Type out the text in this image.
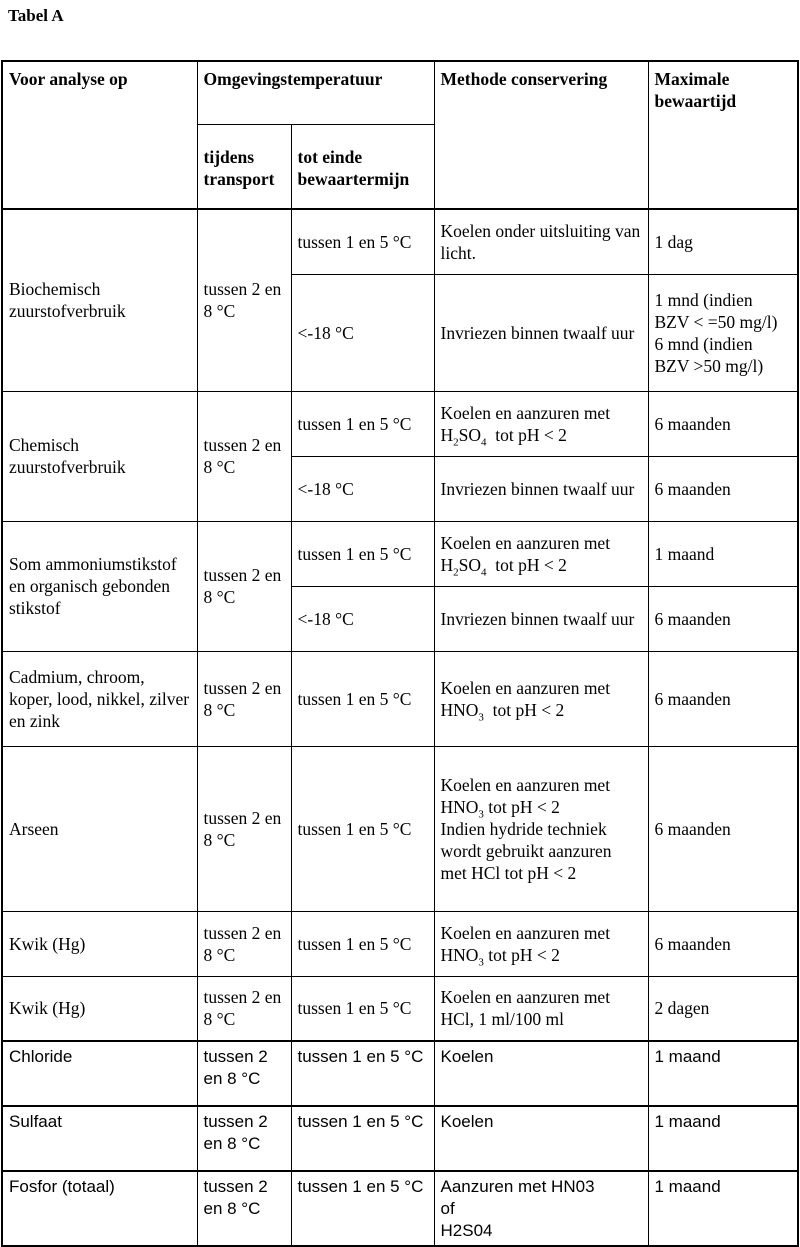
Tabel A
Voor analyse op	Omgevingstemperatuur		Methode conservering	Maximale bewaartijd
	tijdens transport	tot einde bewaartermijn		
Biochemisch zuurstofverbruik	tussen 2 en 8 °C	tussen 1 en 5 °C	Koelen onder uitsluiting van licht.	1 dag
		<-18 °C	Invriezen binnen twaalf uur	1 mnd (indien BZV < =50 mg/l)
6 mnd (indien BZV >50 mg/l)

Chemisch zuurstofverbruik	tussen 2 en 8 °C	tussen 1 en 5 °C	Koelen en aanzuren met
$H_2SO_4$  tot pH < 2	6 maanden
		<-18 °C	Invriezen binnen twaalf uur	6 maanden
Som ammoniumstikstof en organisch gebonden stikstof	tussen 2 en 8 °C	tussen 1 en 5 °C	Koelen en aanzuren met
$H_2SO_4$  tot pH < 2	1 maand
		<-18 °C	Invriezen binnen twaalf uur	6 maanden
Cadmium, chroom, koper, lood, nikkel, zilver en zink	tussen 2 en 8 °C	tussen 1 en 5 °C	Koelen en aanzuren met
$HNO_3$  tot pH < 2	6 maanden
Arseen	tussen 2 en 8 °C	tussen 1 en 5 °C	Koelen en aanzuren met
$HNO_3$ tot pH < 2
Indien hydride techniek wordt gebruikt aanzuren met HCl tot pH < 2	6 maanden
Kwik (Hg)	tussen 2 en 8 °C	tussen 1 en 5 °C	Koelen en aanzuren met
$HNO_3$ tot pH < 2	6 maanden
Kwik (Hg)	tussen 2 en 8 °C	tussen 1 en 5 °C	Koelen en aanzuren met HCl, 1 ml/100 ml	2 dagen
Chloride	tussen 2 en 8 °C	tussen 1 en 5 °C	Koelen	1 maand
Sulfaat	tussen 2 en 8 °C	tussen 1 en 5 °C	Koelen	1 maand
Fosfor (totaal)	tussen 2 en 8 °C	tussen 1 en 5 °C	Aanzuren met HN03
of
H2S04	1 maand
